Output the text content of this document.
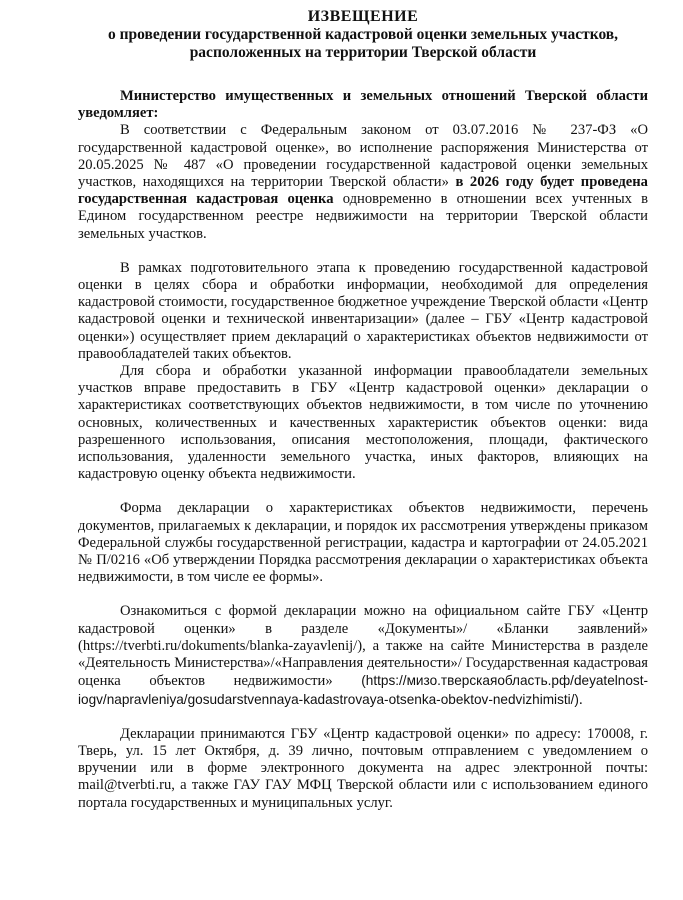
ИЗВЕЩЕНИЕ
о проведении государственной кадастровой оценки земельных участков,
расположенных на территории Тверской области

Министерство имущественных и земельных отношений Тверской области уведомляет:

В соответствии с Федеральным законом от 03.07.2016 № 237-ФЗ «О государственной кадастровой оценке», во исполнение распоряжения Министерства от 20.05.2025 № 487 «О проведении государственной кадастровой оценки земельных участков, находящихся на территории Тверской области» в 2026 году будет проведена государственная кадастровая оценка одновременно в отношении всех учтенных в Едином государственном реестре недвижимости на территории Тверской области земельных участков.

В рамках подготовительного этапа к проведению государственной кадастровой оценки в целях сбора и обработки информации, необходимой для определения кадастровой стоимости, государственное бюджетное учреждение Тверской области «Центр кадастровой оценки и технической инвентаризации» (далее – ГБУ «Центр кадастровой оценки») осуществляет прием деклараций о характеристиках объектов недвижимости от правообладателей таких объектов.

Для сбора и обработки указанной информации правообладатели земельных участков вправе предоставить в ГБУ «Центр кадастровой оценки» декларации о характеристиках соответствующих объектов недвижимости, в том числе по уточнению основных, количественных и качественных характеристик объектов оценки: вида разрешенного использования, описания местоположения, площади, фактического использования, удаленности земельного участка, иных факторов, влияющих на кадастровую оценку объекта недвижимости.

Форма декларации о характеристиках объектов недвижимости, перечень документов, прилагаемых к декларации, и порядок их рассмотрения утверждены приказом Федеральной службы государственной регистрации, кадастра и картографии от 24.05.2021 № П/0216 «Об утверждении Порядка рассмотрения декларации о характеристиках объекта недвижимости, в том числе ее формы».

Ознакомиться с формой декларации можно на официальном сайте ГБУ «Центр кадастровой оценки» в разделе «Документы»/ «Бланки заявлений» (https://tverbti.ru/dokuments/blanka-zayavlenij/), а также на сайте Министерства в разделе «Деятельность Министерства»/«Направления деятельности»/ Государственная кадастровая оценка объектов недвижимости» (https://мизо.тверскаяобласть.рф/deyatelnost-iogv/napravleniya/gosudarstvennaya-kadastrovaya-otsenka-obektov-nedvizhimisti/).

Декларации принимаются ГБУ «Центр кадастровой оценки» по адресу: 170008, г. Тверь, ул. 15 лет Октября, д. 39 лично, почтовым отправлением с уведомлением о вручении или в форме электронного документа на адрес электронной почты: mail@tverbti.ru, а также ГАУ ГАУ МФЦ Тверской области или с использованием единого портала государственных и муниципальных услуг.
